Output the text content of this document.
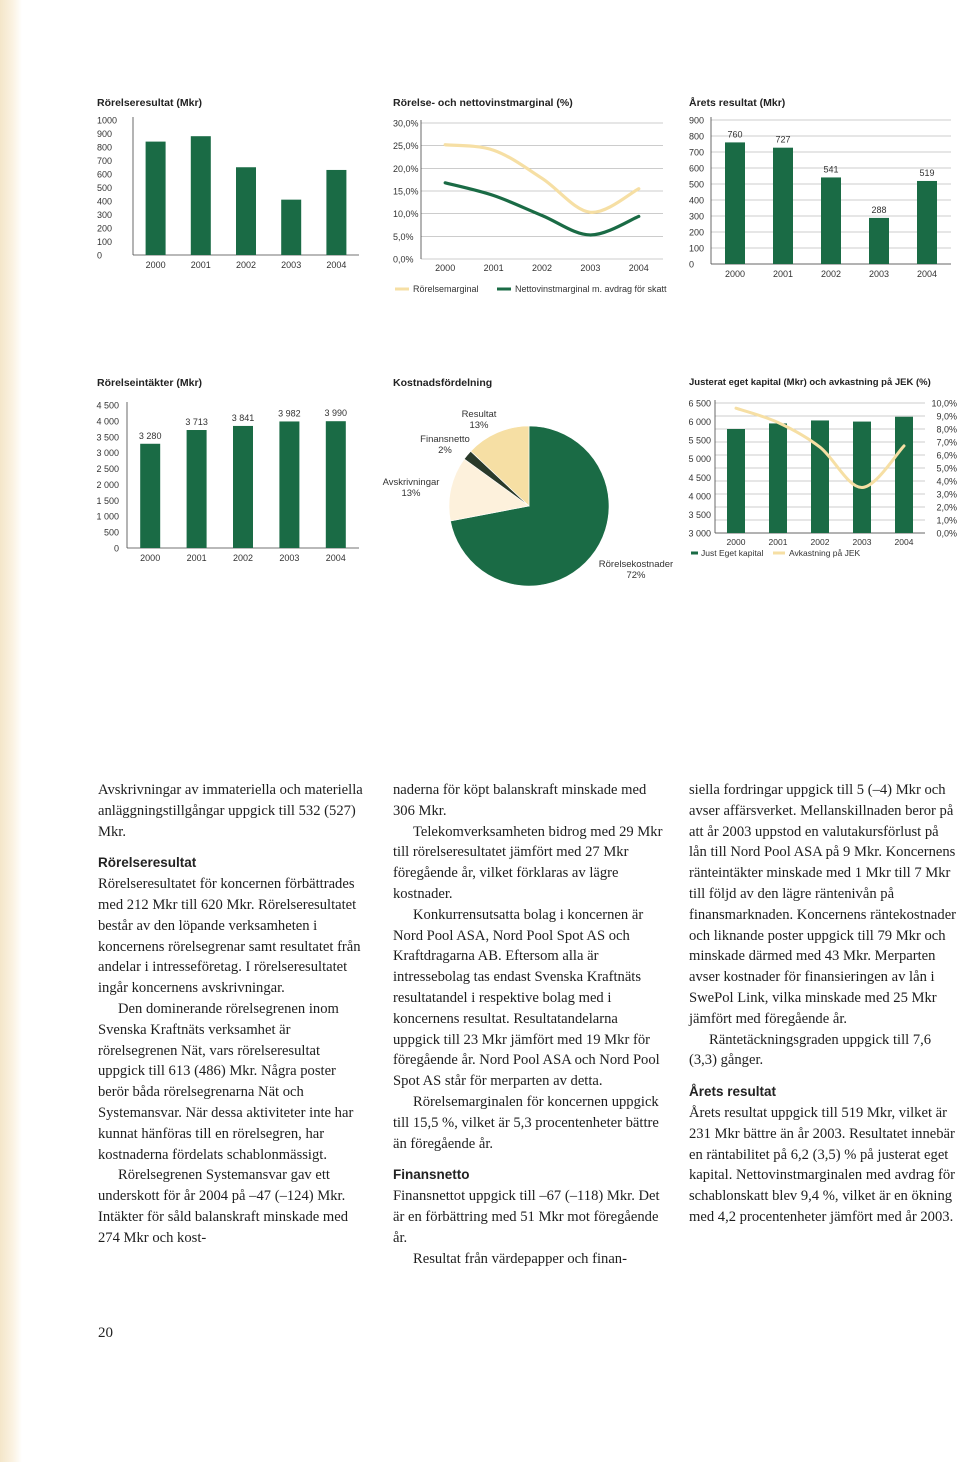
Rörelseresultat (Mkr)
1000
900
800
700
600
500
400
300
200
100
0
2000	2001	2002	2003	2004
Rörelse- och nettovinstmarginal (%)
30,0%
25,0%
20,0%
15,0%
10,0%
5,0%
0,0%
2000	2001	2002	2003	2004
Rörelsemarginal	Nettovinstmarginal m. avdrag för skatt
Årets resultat (Mkr)
900
800
700
600
500
400
300
200
100
0
2000
760
2001
727
2002
541
2003
288
2004
519
Rörelseintäkter (Mkr)
4 500
4 000
3 500
3 000
2 500
2 000
1 500
1 000
500
0
2000
3 280
2001
3 713
2002
3 841
2003
3 982
2004
3 990
Kostnadsfördelning
Rörelsekostnader
72%
Avskrivningar
13%
Finansnetto
2%
Resultat
13%
Justerat eget kapital (Mkr) och avkastning på JEK (%)
6 500
6 000
5 500
5 000
4 500
4 000
3 500
3 000
10,0%
9,0%
8,0%
7,0%
6,0%
5,0%
4,0%
3,0%
2,0%
1,0%
0,0%
2000	2001	2002	2003	2004
Just Eget kapital	Avkastning på JEK

Avskrivningar av immateriella och materiella anläggningstillgångar uppgick till 532 (527) Mkr.

Rörelseresultat

Rörelseresultatet för koncernen förbättrades med 212 Mkr till 620 Mkr. Rörelseresultatet består av den löpande verksamheten i koncernens rörelsegrenar samt resultatet från andelar i intresseföretag. I rörelseresultatet ingår koncernens avskrivningar.

Den dominerande rörelsegrenen inom Svenska Kraftnäts verksamhet är rörelsegrenen Nät, vars rörelseresultat uppgick till 613 (486) Mkr. Några poster berör båda rörelsegrenarna Nät och Systemansvar. När dessa aktiviteter inte har kunnat hänföras till en rörelsegren, har kostnaderna fördelats schablonmässigt.

Rörelsegrenen Systemansvar gav ett underskott för år 2004 på –47 (–124) Mkr. Intäkter för såld balanskraft minskade med 274 Mkr och kost-

naderna för köpt balanskraft minskade med 306 Mkr.

Telekomverksamheten bidrog med 29 Mkr till rörelseresultatet jämfört med 27 Mkr föregående år, vilket förklaras av lägre kostnader.

Konkurrensutsatta bolag i koncernen är Nord Pool ASA, Nord Pool Spot AS och Kraftdragarna AB. Eftersom alla är intressebolag tas endast Svenska Kraftnäts resultatandel i respektive bolag med i koncernens resultat. Resultatandelarna uppgick till 23 Mkr jämfört med 19 Mkr för föregående år. Nord Pool ASA och Nord Pool Spot AS står för merparten av detta.

Rörelsemarginalen för koncernen uppgick till 15,5 %, vilket är 5,3 procentenheter bättre än föregående år.

Finansnetto

Finansnettot uppgick till –67 (–118) Mkr. Det är en förbättring med 51 Mkr mot föregående år.

Resultat från värdepapper och finan-

siella fordringar uppgick till 5 (–4) Mkr och avser affärsverket. Mellanskillnaden beror på att år 2003 uppstod en valutakursförlust på lån till Nord Pool ASA på 9 Mkr. Koncernens ränteintäkter minskade med 1 Mkr till 7 Mkr till följd av den lägre räntenivån på finansmarknaden. Koncernens räntekostnader och liknande poster uppgick till 79 Mkr och minskade därmed med 43 Mkr. Merparten avser kostnader för finansieringen av lån i SwePol Link, vilka minskade med 25 Mkr jämfört med föregående år.

Räntetäckningsgraden uppgick till 7,6 (3,3) gånger.

Årets resultat

Årets resultat uppgick till 519 Mkr, vilket är 231 Mkr bättre än år 2003. Resultatet innebär en räntabilitet på 6,2 (3,5) % på justerat eget kapital. Nettovinstmarginalen med avdrag för schablonskatt blev 9,4 %, vilket är en ökning med 4,2 procentenheter jämfört med år 2003.

20
